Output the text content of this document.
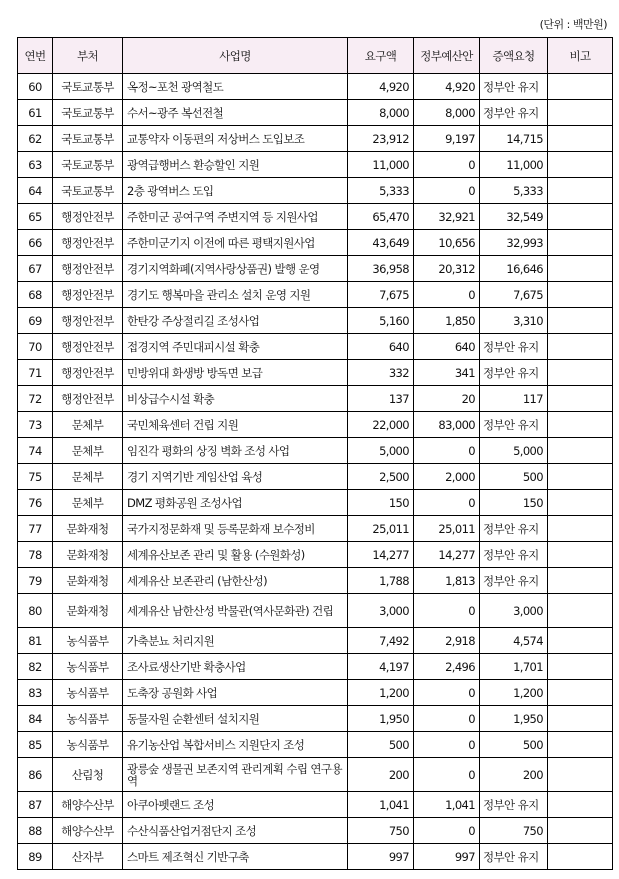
(단위 : 백만원)
연번	부처	사업명	요구액	정부예산안	증액요청	비고
60	국토교통부	옥정~포천 광역철도	4,920	4,920	정부안 유지	
61	국토교통부	수서~광주 복선전철	8,000	8,000	정부안 유지	
62	국토교통부	교통약자 이동편의 저상버스 도입보조	23,912	9,197	14,715	
63	국토교통부	광역급행버스 환승할인 지원	11,000	0	11,000	
64	국토교통부	2층 광역버스 도입	5,333	0	5,333	
65	행정안전부	주한미군 공여구역 주변지역 등 지원사업	65,470	32,921	32,549	
66	행정안전부	주한미군기지 이전에 따른 평택지원사업	43,649	10,656	32,993	
67	행정안전부	경기지역화폐(지역사랑상품권) 발행 운영	36,958	20,312	16,646	
68	행정안전부	경기도 행복마을 관리소 설치 운영 지원	7,675	0	7,675	
69	행정안전부	한탄강 주상절리길 조성사업	5,160	1,850	3,310	
70	행정안전부	접경지역 주민대피시설 확충	640	640	정부안 유지	
71	행정안전부	민방위대 화생방 방독면 보급	332	341	정부안 유지	
72	행정안전부	비상급수시설 확충	137	20	117	
73	문체부	국민체육센터 건립 지원	22,000	83,000	정부안 유지	
74	문체부	임진각 평화의 상징 벽화 조성 사업	5,000	0	5,000	
75	문체부	경기 지역기반 게임산업 육성	2,500	2,000	500	
76	문체부	DMZ 평화공원 조성사업	150	0	150	
77	문화재청	국가지정문화재 및 등록문화재 보수정비	25,011	25,011	정부안 유지	
78	문화재청	세계유산보존 관리 및 활용 (수원화성)	14,277	14,277	정부안 유지	
79	문화재청	세계유산 보존관리 (남한산성)	1,788	1,813	정부안 유지	
80	문화재청	세계유산 남한산성 박물관(역사문화관) 건립	3,000	0	3,000	
81	농식품부	가축분뇨 처리지원	7,492	2,918	4,574	
82	농식품부	조사료생산기반 확충사업	4,197	2,496	1,701	
83	농식품부	도축장 공원화 사업	1,200	0	1,200	
84	농식품부	동물자원 순환센터 설치지원	1,950	0	1,950	
85	농식품부	유기농산업 복합서비스 지원단지 조성	500	0	500	
86	산림청	광릉숲 생물권 보존지역 관리계획 수립 연구용역	200	0	200	
87	해양수산부	아쿠아펫랜드 조성	1,041	1,041	정부안 유지	
88	해양수산부	수산식품산업거점단지 조성	750	0	750	
89	산자부	스마트 제조혁신 기반구축	997	997	정부안 유지	
